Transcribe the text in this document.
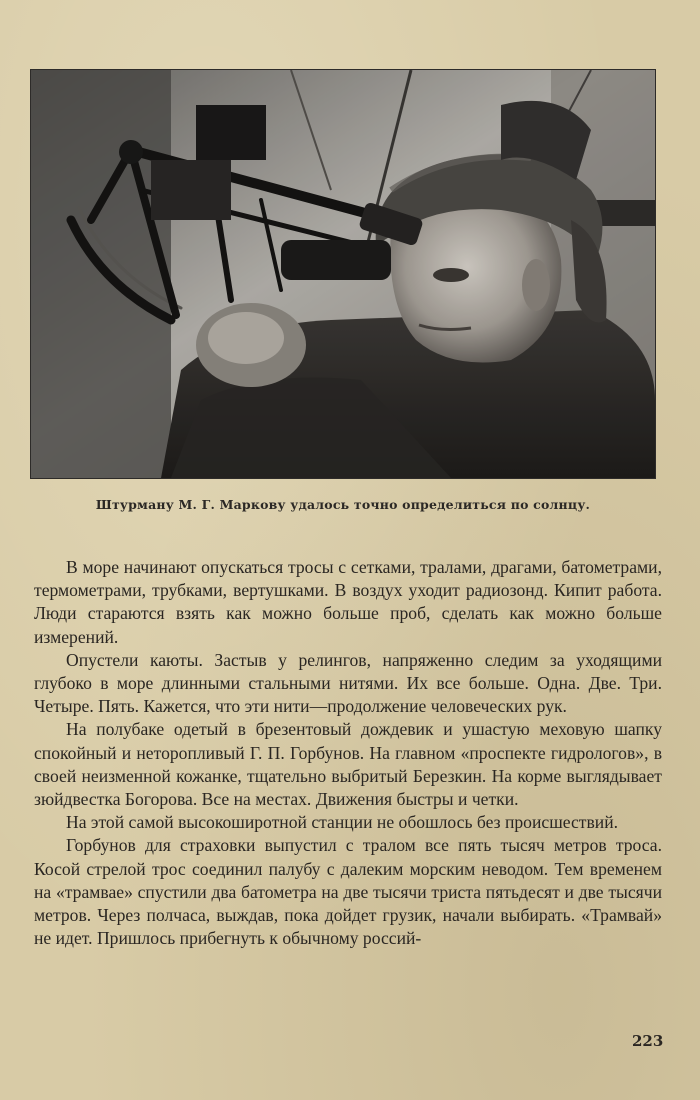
Штурману М. Г. Маркову удалось точно определиться по солнцу.

В море начинают опускаться тросы с сетками, тралами, драгами, батометрами, термометрами, трубками, вертушками. В воздух уходит радиозонд. Кипит работа. Люди стараются взять как можно больше проб, сделать как можно больше измерений.

Опустели каюты. Застыв у релингов, напряженно следим за уходящими глубоко в море длинными стальными нитями. Их все больше. Одна. Две. Три. Четыре. Пять. Кажется, что эти нити—продолжение человеческих рук.

На полубаке одетый в брезентовый дождевик и ушастую меховую шапку спокойный и неторопливый Г. П. Горбунов. На главном «проспекте гидрологов», в своей неизменной кожанке, тщательно выбритый Березкин. На корме выглядывает зюйдвестка Богорова. Все на местах. Движения быстры и четки.

На этой самой высокоширотной станции не обошлось без происшествий.

Горбунов для страховки выпустил с тралом все пять тысяч метров троса. Косой стрелой трос соединил палубу с далеким морским неводом. Тем временем на «трамвае» спустили два батометра на две тысячи триста пятьдесят и две тысячи метров. Через полчаса, выждав, пока дойдет грузик, начали выбирать. «Трамвай» не идет. Пришлось прибегнуть к обычному россий-

223
